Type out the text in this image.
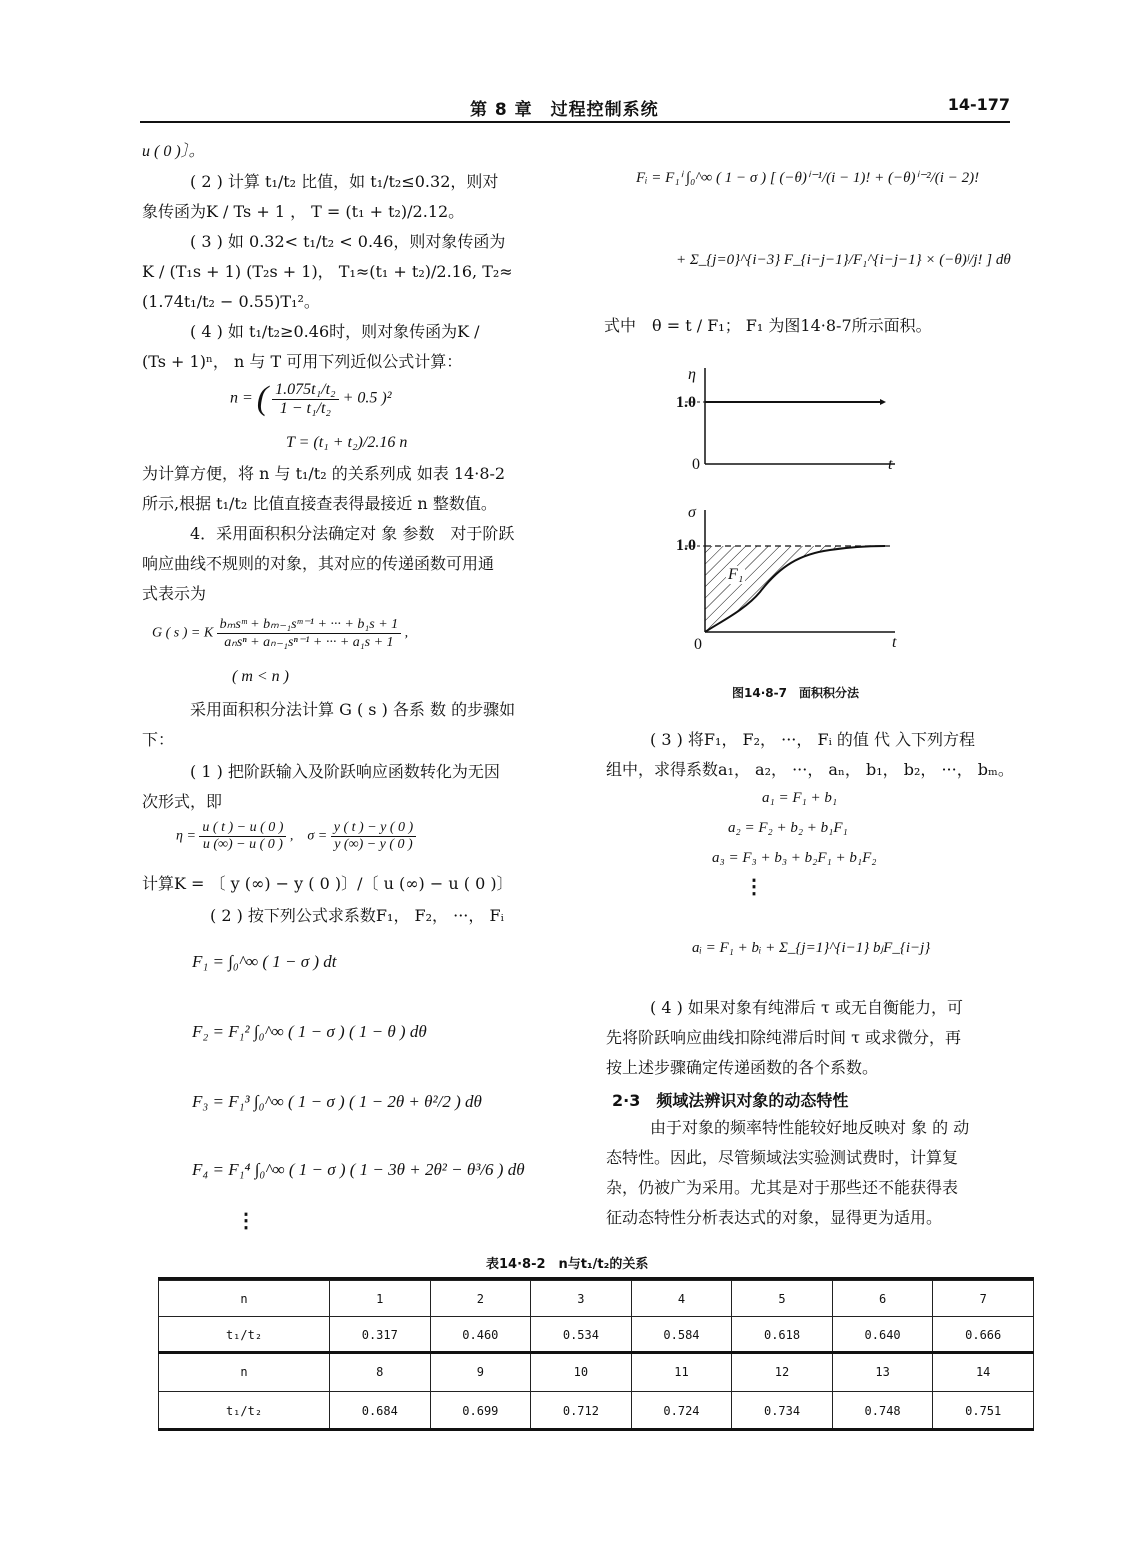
第 8 章　过程控制系统	14-177
u ( 0 )〕。
( 2 ) 计算 t₁/t₂ 比值，如 t₁/t₂≤0.32，则对
象传函为K / Ts + 1 ， T = (t₁ + t₂)/2.12。
( 3 ) 如 0.32< t₁/t₂ < 0.46，则对象传函为
K / (T₁s + 1) (T₂s + 1)， T₁≈(t₁ + t₂)/2.16, T₂≈
(1.74t₁/t₂ − 0.55)T₁²。
( 4 ) 如 t₁/t₂≥0.46时，则对象传函为K /
(Ts + 1)ⁿ， n 与 T 可用下列近似公式计算：
n = ( $\frac{\text{1.075t₁/t₂}}{\text{1 − t₁/t₂}} + 0.5$ )²
T = (t₁ + t₂)/2.16 n
为计算方便，将 n 与 t₁/t₂ 的关系列成 如表 14·8-2
所示,根据 t₁/t₂ 比值直接查表得最接近 n 整数值。
4．采用面积积分法确定对 象 参数　对于阶跃
响应曲线不规则的对象，其对应的传递函数可用通
式表示为
G ( s ) = K $\frac{\text{bₘsᵐ + bₘ₋₁sᵐ⁻¹ + ··· + b₁s + 1}}{\text{aₙsⁿ + aₙ₋₁sⁿ⁻¹ + ··· + a₁s + 1}}$ ,
( m < n )
采用面积积分法计算 G ( s ) 各系 数 的步骤如
下：
( 1 ) 把阶跃输入及阶跃响应函数转化为无因
次形式，即
$\eta = \frac{u ( t ) - u ( 0 )}{u (\infty) - u ( 0 )}$ ,　$\sigma = \frac{y ( t ) - y ( 0 )}{y (\infty) - y ( 0 )}$
计算K = 〔 y (∞) − y ( 0 )〕/〔 u (∞) − u ( 0 )〕
( 2 ) 按下列公式求系数F₁， F₂， ···， Fᵢ
F₁ = ∫₀^∞ ( 1 − σ ) dt
F₂ = F₁² ∫₀^∞ ( 1 − σ ) ( 1 − θ ) dθ
F₃ = F₁³ ∫₀^∞ ( 1 − σ ) ( 1 − 2θ + θ²/2 ) dθ
F₄ = F₁⁴ ∫₀^∞ ( 1 − σ ) ( 1 − 3θ + 2θ² − θ³/6 ) dθ
⋮
Fᵢ = F₁ⁱ ∫₀^∞ ( 1 − σ ) [ (−θ)ⁱ⁻¹/(i − 1)! + (−θ)ⁱ⁻²/(i − 2)!
+ Σ_{j=0}^{i−3} F_{i−j−1}/F₁^{i−j−1} × (−θ)ʲ/j! ] dθ
式中　θ = t / F₁； F₁ 为图14·8-7所示面积。
η
1.0
0	t
σ
1.0
F₁
0	t
图14·8-7　面积积分法
( 3 ) 将F₁， F₂， ···， Fᵢ 的值 代 入下列方程
组中，求得系数a₁， a₂， ···， aₙ， b₁， b₂， ···， bₘ。
a₁ = F₁ + b₁
a₂ = F₂ + b₂ + b₁F₁
a₃ = F₃ + b₃ + b₂F₁ + b₁F₂
⋮
aᵢ = F₁ + bᵢ + Σ_{j=1}^{i−1} bⱼF_{i−j}
( 4 ) 如果对象有纯滞后 τ 或无自衡能力，可
先将阶跃响应曲线扣除纯滞后时间 τ 或求微分，再
按上述步骤确定传递函数的各个系数。
2·3　频域法辨识对象的动态特性
由于对象的频率特性能较好地反映对 象 的 动
态特性。因此，尽管频域法实验测试费时，计算复
杂，仍被广为采用。尤其是对于那些还不能获得表
征动态特性分析表达式的对象，显得更为适用。
表14·8-2　n与t₁/t₂的关系
n	1	2	3	4	5	6	7
t₁/t₂	0.317	0.460	0.534	0.584	0.618	0.640	0.666
n	8	9	10	11	12	13	14
t₁/t₂	0.684	0.699	0.712	0.724	0.734	0.748	0.751
